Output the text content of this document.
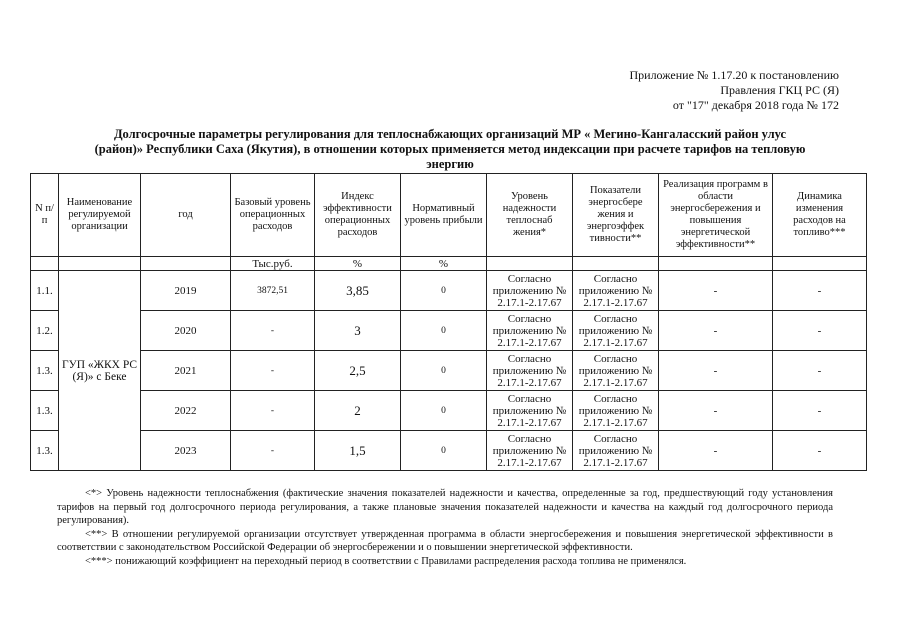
Приложение № 1.17.20 к постановлению
Правления ГКЦ РС (Я)
от "17" декабря 2018 года № 172
Долгосрочные параметры регулирования для теплоснабжающих организаций МР « Мегино-Кангаласский район улус (район)» Республики Саха (Якутия), в отношении которых применяется метод индексации при расчете тарифов на тепловую энергию
N п/п	Наименование регулируемой организации	год	Базовый уровень операционных расходов	Индекс эффективности операционных расходов	Нормативный уровень прибыли	Уровень надежности теплоснаб жения*	Показатели энергосбере жения и энергоэффек тивности**	Реализация программ в области энергосбережения и повышения энергетической эффективности**	Динамика изменения расходов на топливо***
			Тыс.руб.	%	%				
1.1.	ГУП «ЖКХ РС (Я)» с Беке	2019	3872,51	3,85	0	Согласно приложению № 2.17.1-2.17.67	Согласно приложению № 2.17.1-2.17.67	-	-
1.2.		2020	-	3	0	Согласно приложению № 2.17.1-2.17.67	Согласно приложению № 2.17.1-2.17.67	-	-
1.3.		2021	-	2,5	0	Согласно приложению № 2.17.1-2.17.67	Согласно приложению № 2.17.1-2.17.67	-	-
1.3.		2022	-	2	0	Согласно приложению № 2.17.1-2.17.67	Согласно приложению № 2.17.1-2.17.67	-	-
1.3.		2023	-	1,5	0	Согласно приложению № 2.17.1-2.17.67	Согласно приложению № 2.17.1-2.17.67	-	-

<*> Уровень надежности теплоснабжения (фактические значения показателей надежности и качества, определенные за год, предшествующий году установления тарифов на первый год долгосрочного периода регулирования, а также плановые значения показателей надежности и качества на каждый год долгосрочного периода регулирования).

<**> В отношении регулируемой организации отсутствует утвержденная программа в области энергосбережения и повышения энергетической эффективности в соответствии с законодательством Российской Федерации об энергосбережении и о повышении энергетической эффективности.

<***> понижающий коэффициент на переходный период в соответствии с Правилами распределения расхода топлива не применялся.
